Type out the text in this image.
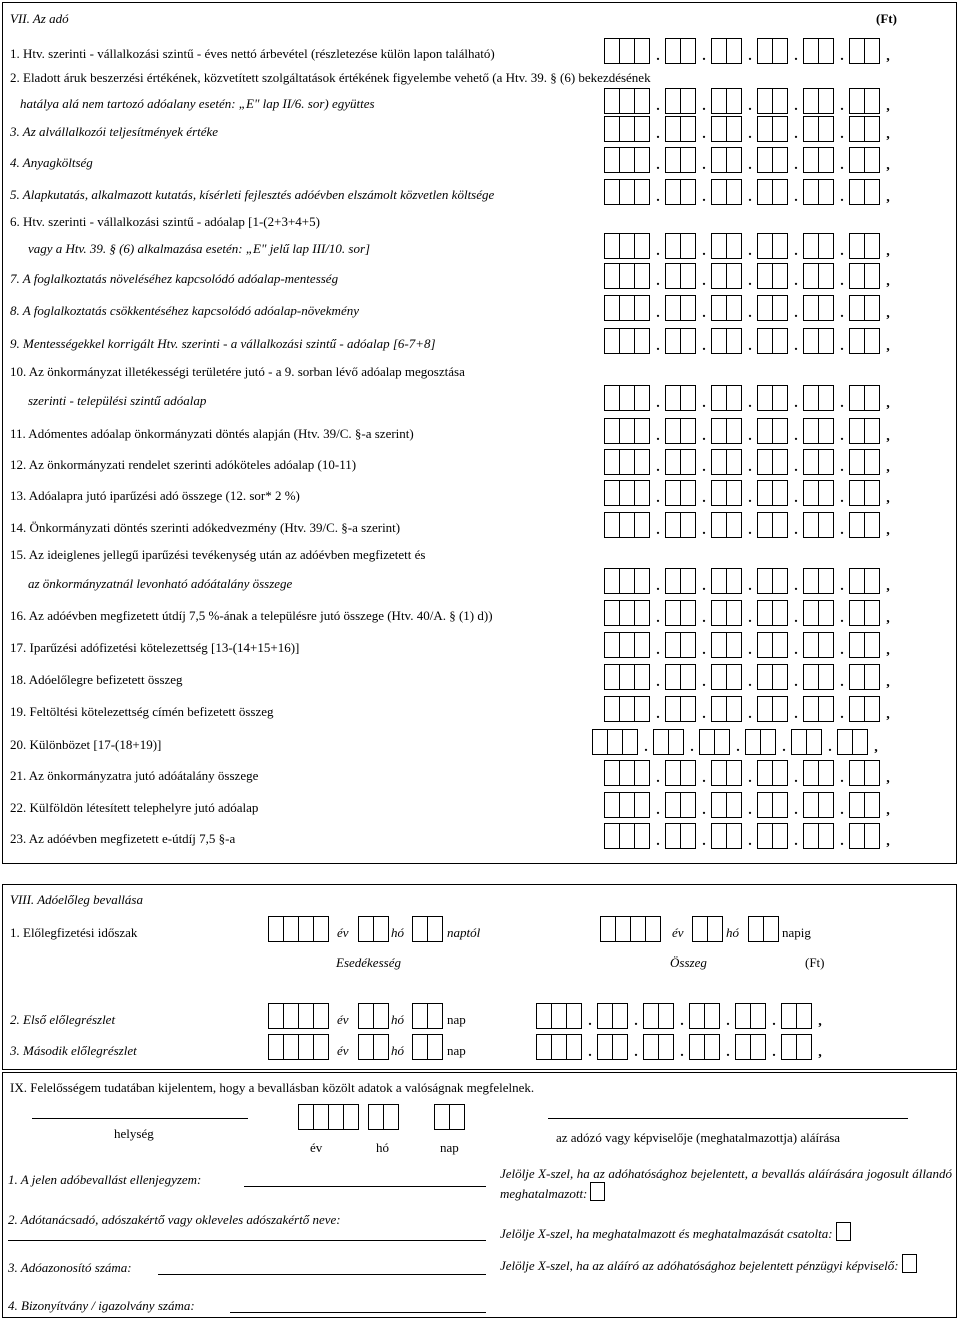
VII. Az adó	(Ft)
1. Htv. szerinti - vállalkozási szintű - éves nettó árbevétel (részletezése külön lapon található)	.	.	.	.	.	,
2. Eladott áruk beszerzési értékének, közvetített szolgáltatások értékének figyelembe vehető (a Htv. 39. § (6) bekezdésének
hatálya alá nem tartozó adóalany esetén: „E" lap II/6. sor) együttes	.	.	.	.	.	,
3. Az alvállalkozói teljesítmények értéke	.	.	.	.	.	,
4. Anyagköltség	.	.	.	.	.	,
5. Alapkutatás, alkalmazott kutatás, kísérleti fejlesztés adóévben elszámolt közvetlen költsége	.	.	.	.	.	,
6. Htv. szerinti - vállalkozási szintű - adóalap [1-(2+3+4+5)
vagy a Htv. 39. § (6) alkalmazása esetén: „E" jelű lap III/10. sor]	.	.	.	.	.	,
7. A foglalkoztatás növeléséhez kapcsolódó adóalap-mentesség	.	.	.	.	.	,
8. A foglalkoztatás csökkentéséhez kapcsolódó adóalap-növekmény	.	.	.	.	.	,
9. Mentességekkel korrigált Htv. szerinti - a vállalkozási szintű - adóalap [6-7+8]	.	.	.	.	.	,
10. Az önkormányzat illetékességi területére jutó - a 9. sorban lévő adóalap megosztása
szerinti - települési szintű adóalap	.	.	.	.	.	,
11. Adómentes adóalap önkormányzati döntés alapján (Htv. 39/C. §-a szerint)	.	.	.	.	.	,
12. Az önkormányzati rendelet szerinti adóköteles adóalap (10-11)	.	.	.	.	.	,
13. Adóalapra jutó iparűzési adó összege (12. sor* 2 %)	.	.	.	.	.	,
14. Önkormányzati döntés szerinti adókedvezmény (Htv. 39/C. §-a szerint)	.	.	.	.	.	,
15. Az ideiglenes jellegű iparűzési tevékenység után az adóévben megfizetett és
az önkormányzatnál levonható adóátalány összege	.	.	.	.	.	,
16. Az adóévben megfizetett útdíj 7,5 %-ának a településre jutó összege (Htv. 40/A. § (1) d))	.	.	.	.	.	,
17. Iparűzési adófizetési kötelezettség [13-(14+15+16)]	.	.	.	.	.	,
18. Adóelőlegre befizetett összeg	.	.	.	.	.	,
19. Feltöltési kötelezettség címén befizetett összeg	.	.	.	.	.	,
20. Különbözet [17-(18+19)]	.	.	.	.	.	,
21. Az önkormányzatra jutó adóátalány összege	.	.	.	.	.	,
22. Külföldön létesített telephelyre jutó adóalap	.	.	.	.	.	,
23. Az adóévben megfizetett e-útdíj 7,5 §-a	.	.	.	.	.	,
VIII. Adóelőleg bevallása
1. Előlegfizetési időszak	év	hó	naptól	év	hó	napig
Esedékesség	Összeg	(Ft)
2. Első előlegrészlet	év	hó	nap	.	.	.	.	.	,
3. Második előlegrészlet	év	hó	nap	.	.	.	.	.	,
IX. Felelősségem tudatában kijelentem, hogy a bevallásban közölt adatok a valóságnak megfelelnek.
helység
év	hó	nap
az adózó vagy képviselője (meghatalmazottja) aláírása
1. A jelen adóbevallást ellenjegyzem:
2. Adótanácsadó, adószakértő vagy okleveles adószakértő neve:
3. Adóazonosító száma:
4. Bizonyítvány / igazolvány száma:
Jelölje X-szel, ha az adóhatósághoz bejelentett, a bevallás aláírására jogosult állandó meghatalmazott:
Jelölje X-szel, ha meghatalmazott és meghatalmazását csatolta:
Jelölje X-szel, ha az aláíró az adóhatósághoz bejelentett pénzügyi képviselő:
